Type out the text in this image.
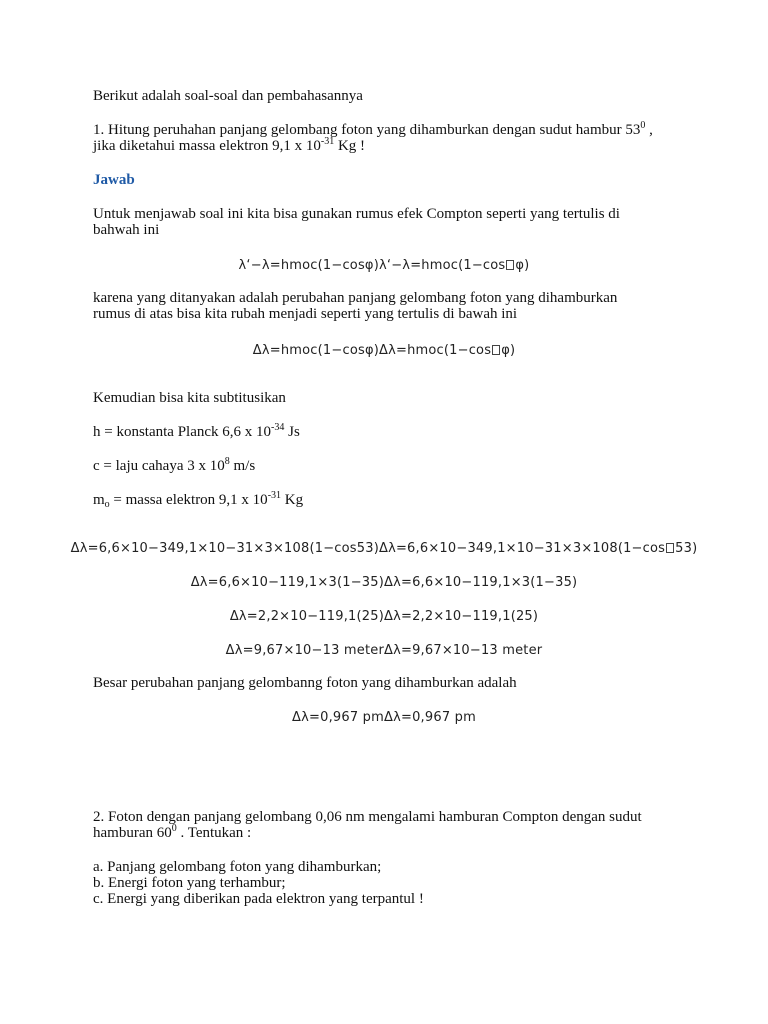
Berikut adalah soal-soal dan pembahasannya

1. Hitung peruhahan panjang gelombang foton yang dihamburkan dengan sudut hambur $53^0$ ,

jika diketahui massa elektron 9,1 x $10^{-31}$ Kg !

Jawab

Untuk menjawab soal ini kita bisa gunakan rumus efek Compton seperti yang tertulis di

bahwah ini

λ‘−λ=hmoc(1−cosφ)λ‘−λ=hmoc(1−cos φ)

karena yang ditanyakan adalah perubahan panjang gelombang foton yang dihamburkan

rumus di atas bisa kita rubah menjadi seperti yang tertulis di bawah ini

Δλ=hmoc(1−cosφ)Δλ=hmoc(1−cos φ)

Kemudian bisa kita subtitusikan

h = konstanta Planck 6,6 x $10^{-34}$ Js

c = laju cahaya 3 x $10^8$ m/s

$m_o$ = massa elektron 9,1 x $10^{-31}$ Kg

Δλ=6,6×10−349,1×10−31×3×108(1−cos53)Δλ=6,6×10−349,1×10−31×3×108(1−cos 53)

Δλ=6,6×10−119,1×3(1−35)Δλ=6,6×10−119,1×3(1−35)

Δλ=2,2×10−119,1(25)Δλ=2,2×10−119,1(25)

Δλ=9,67×10−13 meterΔλ=9,67×10−13 meter

Besar perubahan panjang gelombanng foton yang dihamburkan adalah

Δλ=0,967 pmΔλ=0,967 pm

2. Foton dengan panjang gelombang 0,06 nm mengalami hamburan Compton dengan sudut

hamburan $60^0$ . Tentukan :

a. Panjang gelombang foton yang dihamburkan;

b. Energi foton yang terhambur;

c. Energi yang diberikan pada elektron yang terpantul !
